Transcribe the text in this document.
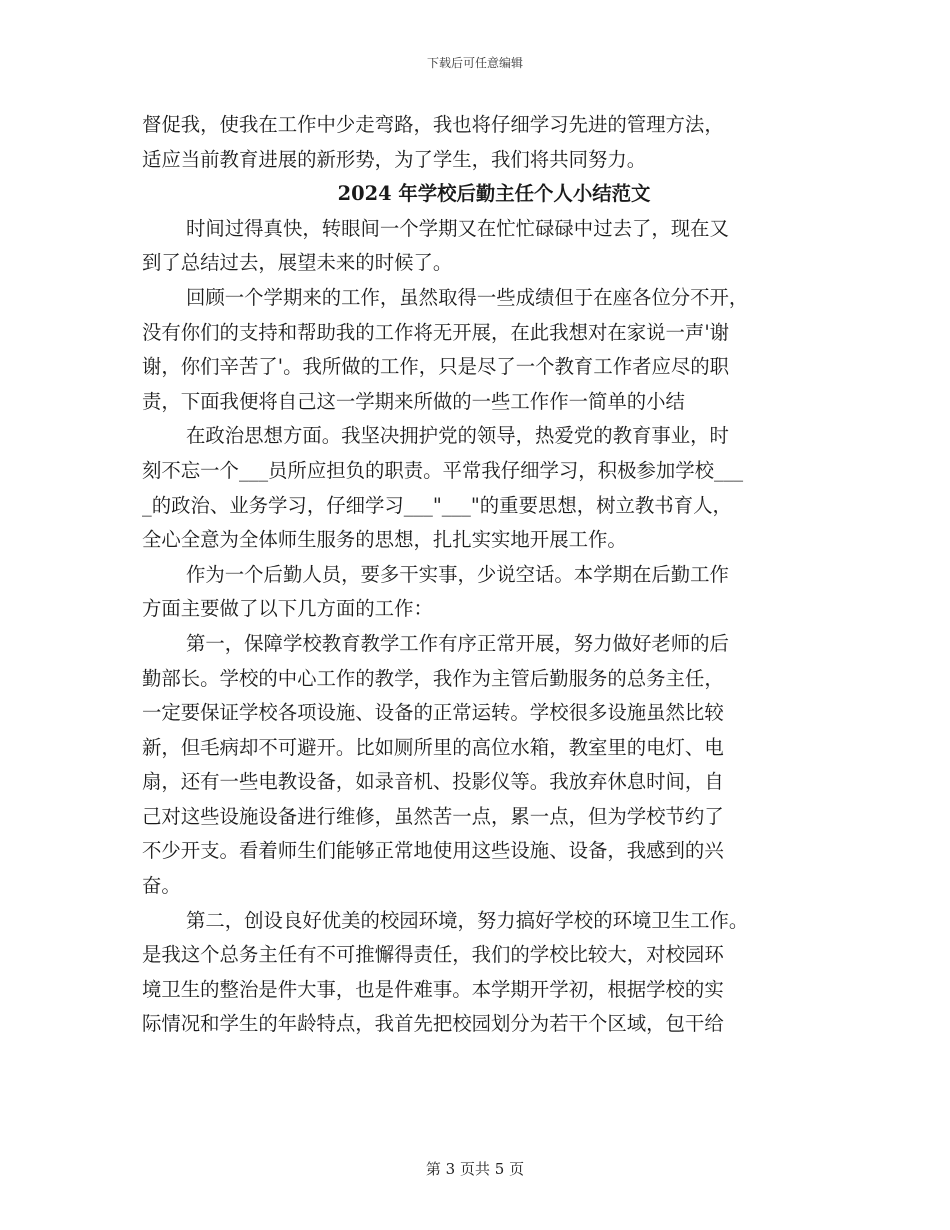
下载后可任意编辑
督促我，使我在工作中少走弯路，我也将仔细学习先进的管理方法，
适应当前教育进展的新形势，为了学生，我们将共同努力。
2024 年学校后勤主任个人小结范文
时间过得真快，转眼间一个学期又在忙忙碌碌中过去了，现在又
到了总结过去，展望未来的时候了。
回顾一个学期来的工作，虽然取得一些成绩但于在座各位分不开，
没有你们的支持和帮助我的工作将无开展，在此我想对在家说一声'谢
谢，你们辛苦了'。我所做的工作，只是尽了一个教育工作者应尽的职
责，下面我便将自己这一学期来所做的一些工作作一简单的小结
在政治思想方面。我坚决拥护党的领导，热爱党的教育事业，时
刻不忘一个___员所应担负的职责。平常我仔细学习，积极参加学校___
_的政治、业务学习，仔细学习___"___"的重要思想，树立教书育人，
全心全意为全体师生服务的思想，扎扎实实地开展工作。
作为一个后勤人员，要多干实事，少说空话。本学期在后勤工作
方面主要做了以下几方面的工作：
第一，保障学校教育教学工作有序正常开展，努力做好老师的后
勤部长。学校的中心工作的教学，我作为主管后勤服务的总务主任，
一定要保证学校各项设施、设备的正常运转。学校很多设施虽然比较
新，但毛病却不可避开。比如厕所里的高位水箱，教室里的电灯、电
扇，还有一些电教设备，如录音机、投影仪等。我放弃休息时间，自
己对这些设施设备进行维修，虽然苦一点，累一点，但为学校节约了
不少开支。看着师生们能够正常地使用这些设施、设备，我感到的兴
奋。
第二，创设良好优美的校园环境，努力搞好学校的环境卫生工作。
是我这个总务主任有不可推懈得责任，我们的学校比较大，对校园环
境卫生的整治是件大事，也是件难事。本学期开学初，根据学校的实
际情况和学生的年龄特点，我首先把校园划分为若干个区域，包干给
第 3 页共 5 页
